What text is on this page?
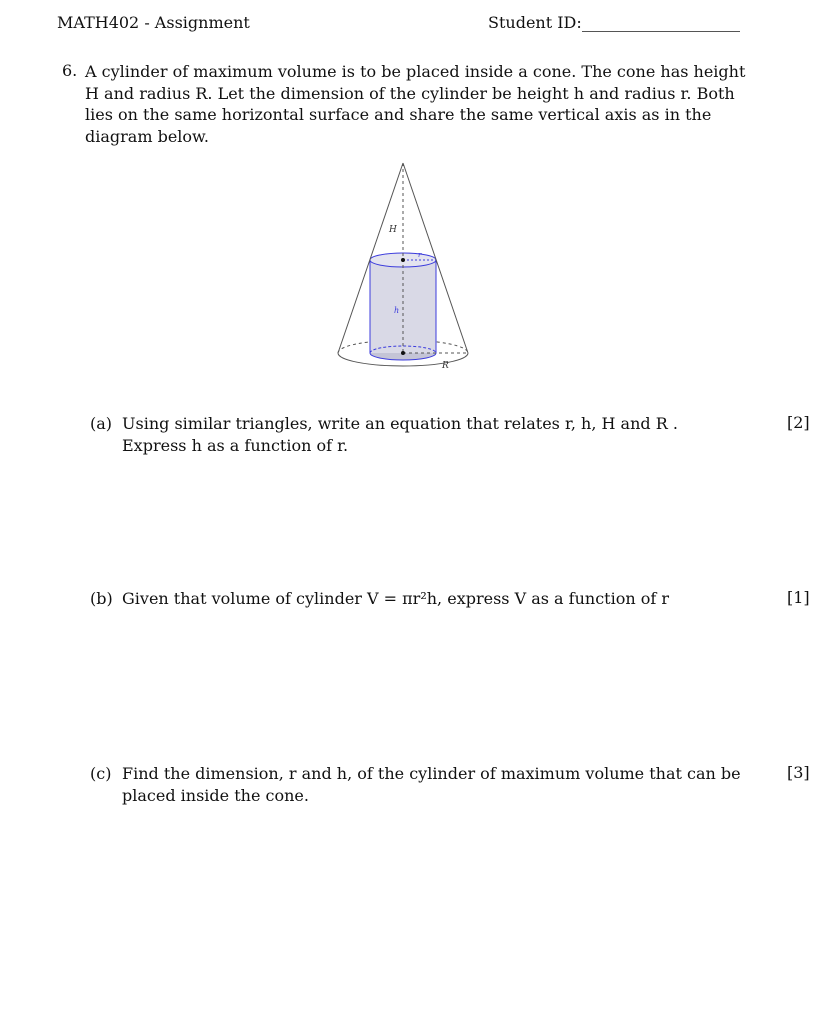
MATH402 - Assignment	Student ID:
6. A cylinder of maximum volume is to be placed inside a cone. The cone has height H and radius R. Let the dimension of the cylinder be height h and radius r. Both lies on the same horizontal surface and share the same vertical axis as in the diagram below.
H
r
h
R
(a) Using similar triangles, write an equation that relates r, h, H and R . Express h as a function of r.
[2]
(b) Given that volume of cylinder V = πr²h, express V as a function of r	[1]
(c) Find the dimension, r and h, of the cylinder of maximum volume that can be placed inside the cone.
[3]
